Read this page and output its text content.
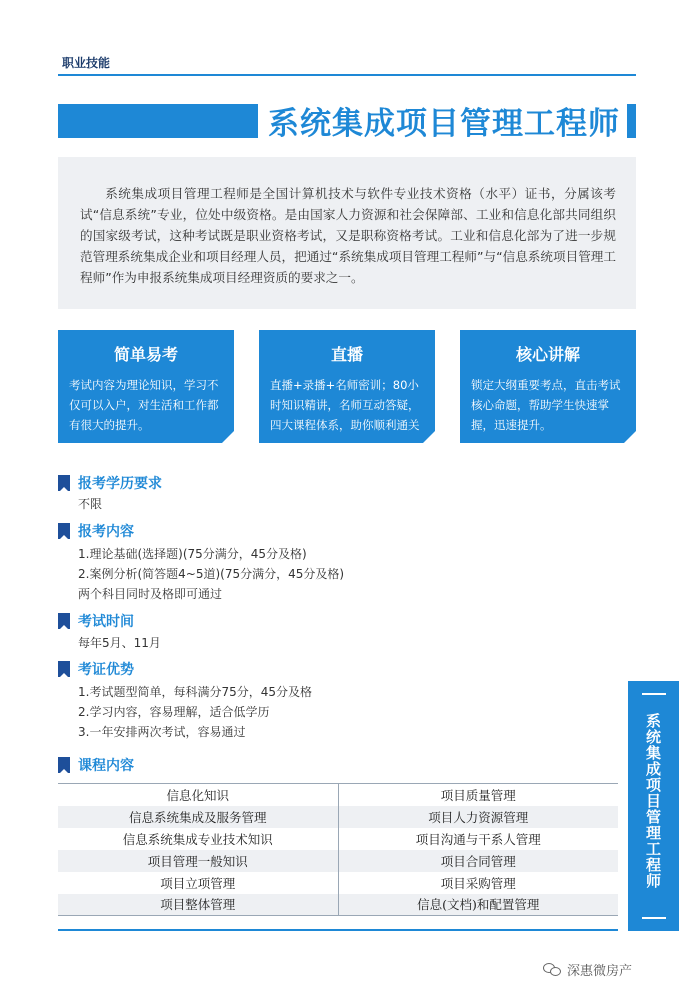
职业技能
系统集成项目管理工程师

系统集成项目管理工程师是全国计算机技术与软件专业技术资格（水平）证书，分属该考试“信息系统”专业，位处中级资格。是由国家人力资源和社会保障部、工业和信息化部共同组织的国家级考试，这种考试既是职业资格考试，又是职称资格考试。工业和信息化部为了进一步规范管理系统集成企业和项目经理人员，把通过“系统集成项目管理工程师”与“信息系统项目管理工程师”作为申报系统集成项目经理资质的要求之一。

简单易考
考试内容为理论知识，学习不仅可以入户，对生活和工作都有很大的提升。
直播
直播+录播+名师密训；80小时知识精讲，名师互动答疑，四大课程体系，助你顺利通关
核心讲解
锁定大纲重要考点，直击考试核心命题，帮助学生快速掌握，迅速提升。
报考学历要求
不限
报考内容
1.理论基础(选择题)(75分满分，45分及格)
2.案例分析(简答题4~5道)(75分满分，45分及格)
两个科目同时及格即可通过
考试时间
每年5月、11月
考证优势
1.考试题型简单，每科满分75分，45分及格
2.学习内容，容易理解，适合低学历
3.一年安排两次考试，容易通过
课程内容
信息化知识	项目质量管理
信息系统集成及服务管理	项目人力资源管理
信息系统集成专业技术知识	项目沟通与干系人管理
项目管理一般知识	项目合同管理
项目立项管理	项目采购管理
项目整体管理	信息(文档)和配置管理
系统集成项目管理工程师
深惠微房产
